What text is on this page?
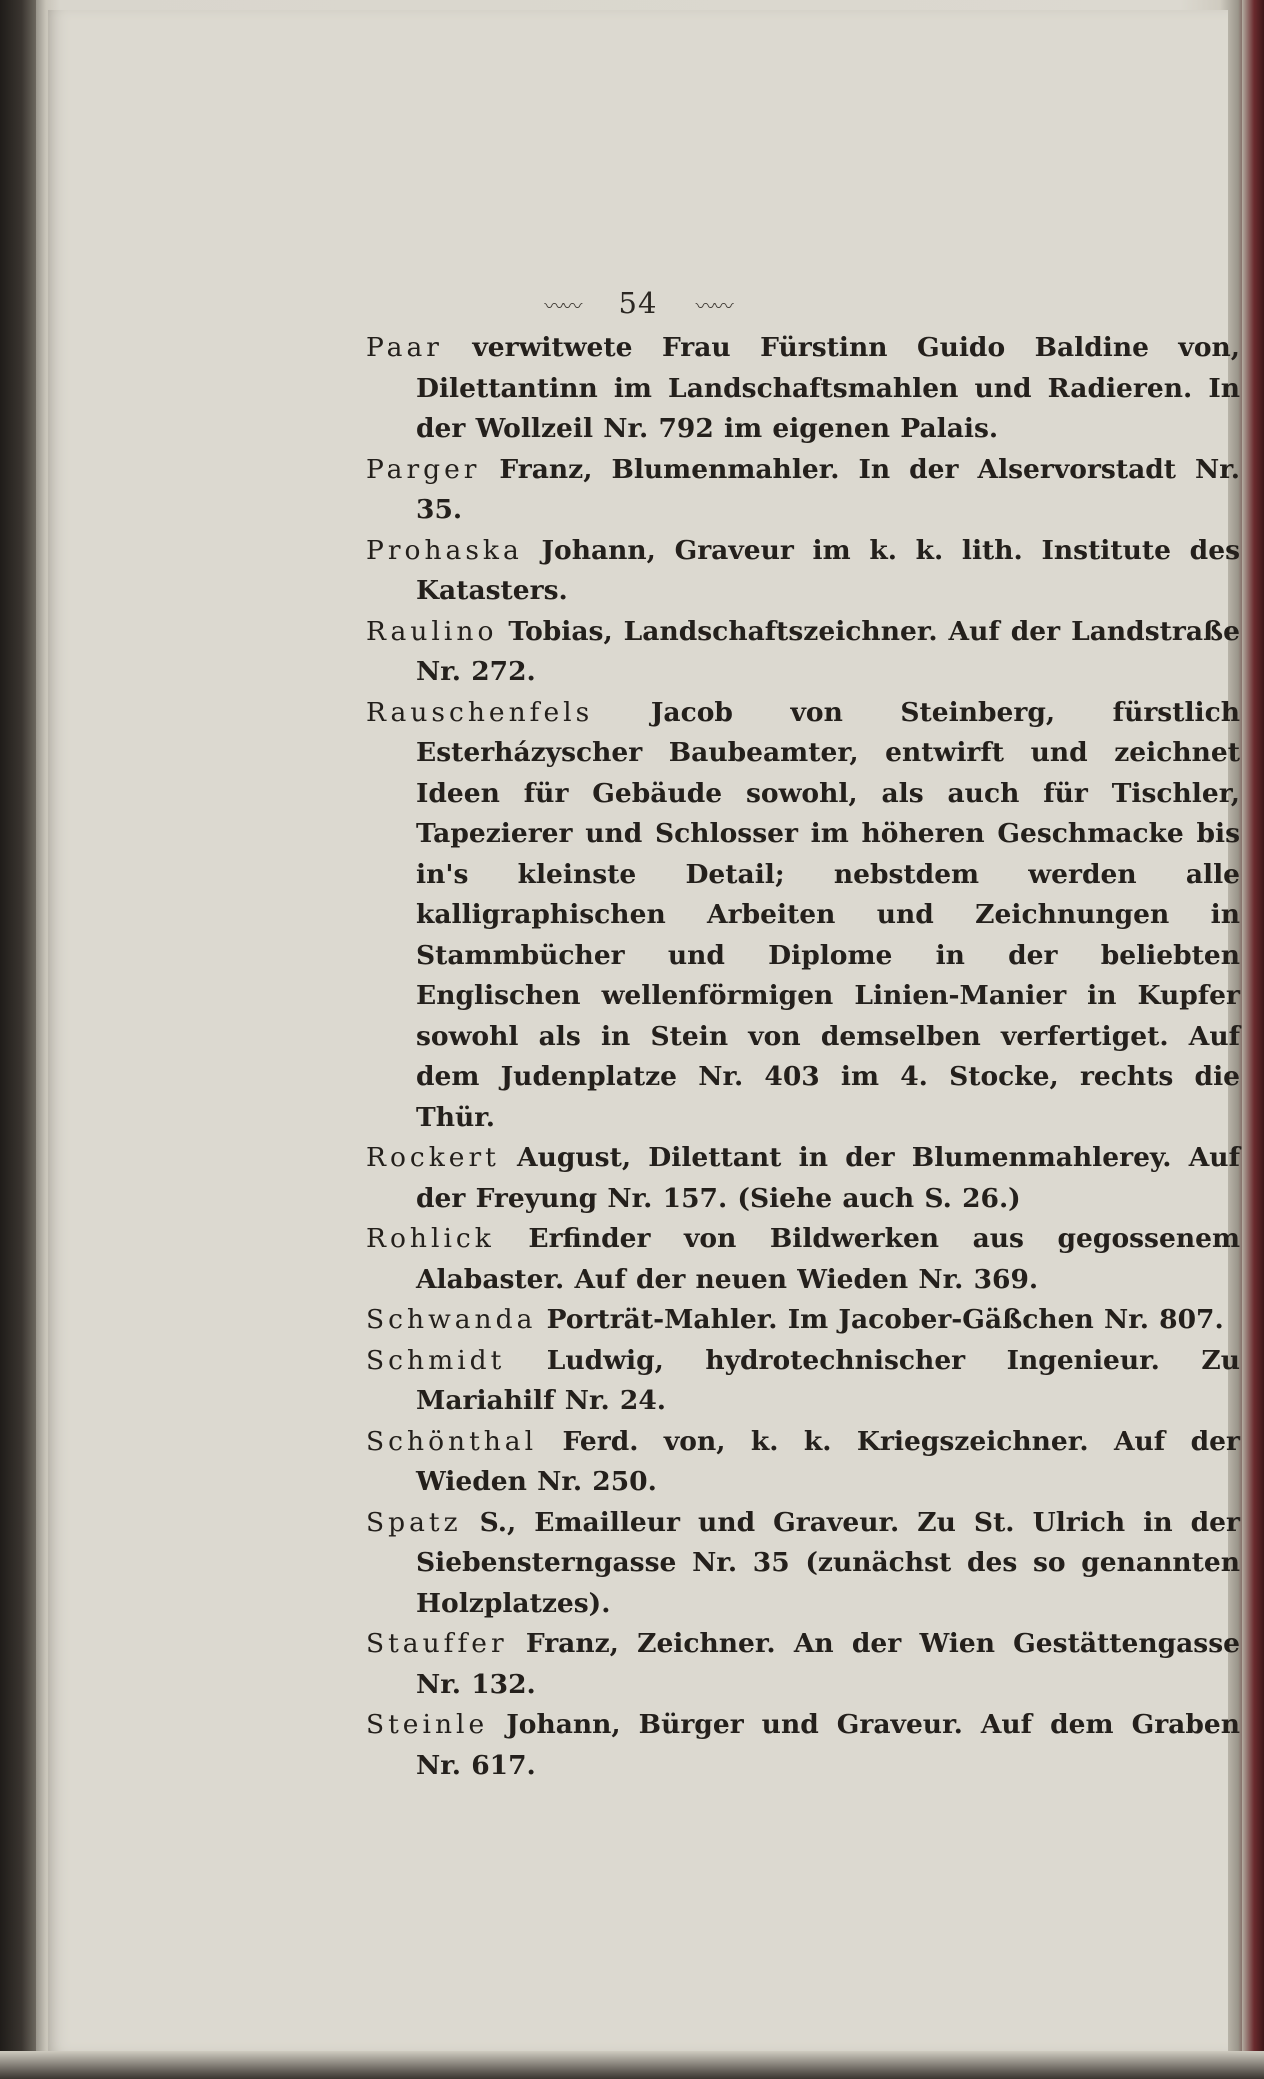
〰〰 54 〰〰

Paar verwitwete Frau Fürstinn Guido Baldine von, Dilettantinn im Landschaftsmahlen und Radieren. In der Wollzeil Nr. 792 im eigenen Palais.

Parger Franz, Blumenmahler. In der Alservorstadt Nr. 35.

Prohaska Johann, Graveur im k. k. lith. Institute des Katasters.

Raulino Tobias, Landschaftszeichner. Auf der Landstraße Nr. 272.

Rauschenfels Jacob von Steinberg, fürstlich Esterházyscher Baubeamter, entwirft und zeichnet Ideen für Gebäude sowohl, als auch für Tischler, Tapezierer und Schlosser im höheren Geschmacke bis in's kleinste Detail; nebstdem werden alle kalligraphischen Arbeiten und Zeichnungen in Stammbücher und Diplome in der beliebten Englischen wellenförmigen Linien-Manier in Kupfer sowohl als in Stein von demselben verfertiget. Auf dem Judenplatze Nr. 403 im 4. Stocke, rechts die Thür.

Rockert August, Dilettant in der Blumenmahlerey. Auf der Freyung Nr. 157. (Siehe auch S. 26.)

Rohlick Erfinder von Bildwerken aus gegossenem Alabaster. Auf der neuen Wieden Nr. 369.

Schwanda Porträt-Mahler. Im Jacober-Gäßchen Nr. 807.

Schmidt Ludwig, hydrotechnischer Ingenieur. Zu Mariahilf Nr. 24.

Schönthal Ferd. von, k. k. Kriegszeichner. Auf der Wieden Nr. 250.

Spatz S., Emailleur und Graveur. Zu St. Ulrich in der Siebensterngasse Nr. 35 (zunächst des so genannten Holzplatzes).

Stauffer Franz, Zeichner. An der Wien Gestättengasse Nr. 132.

Steinle Johann, Bürger und Graveur. Auf dem Graben Nr. 617.
